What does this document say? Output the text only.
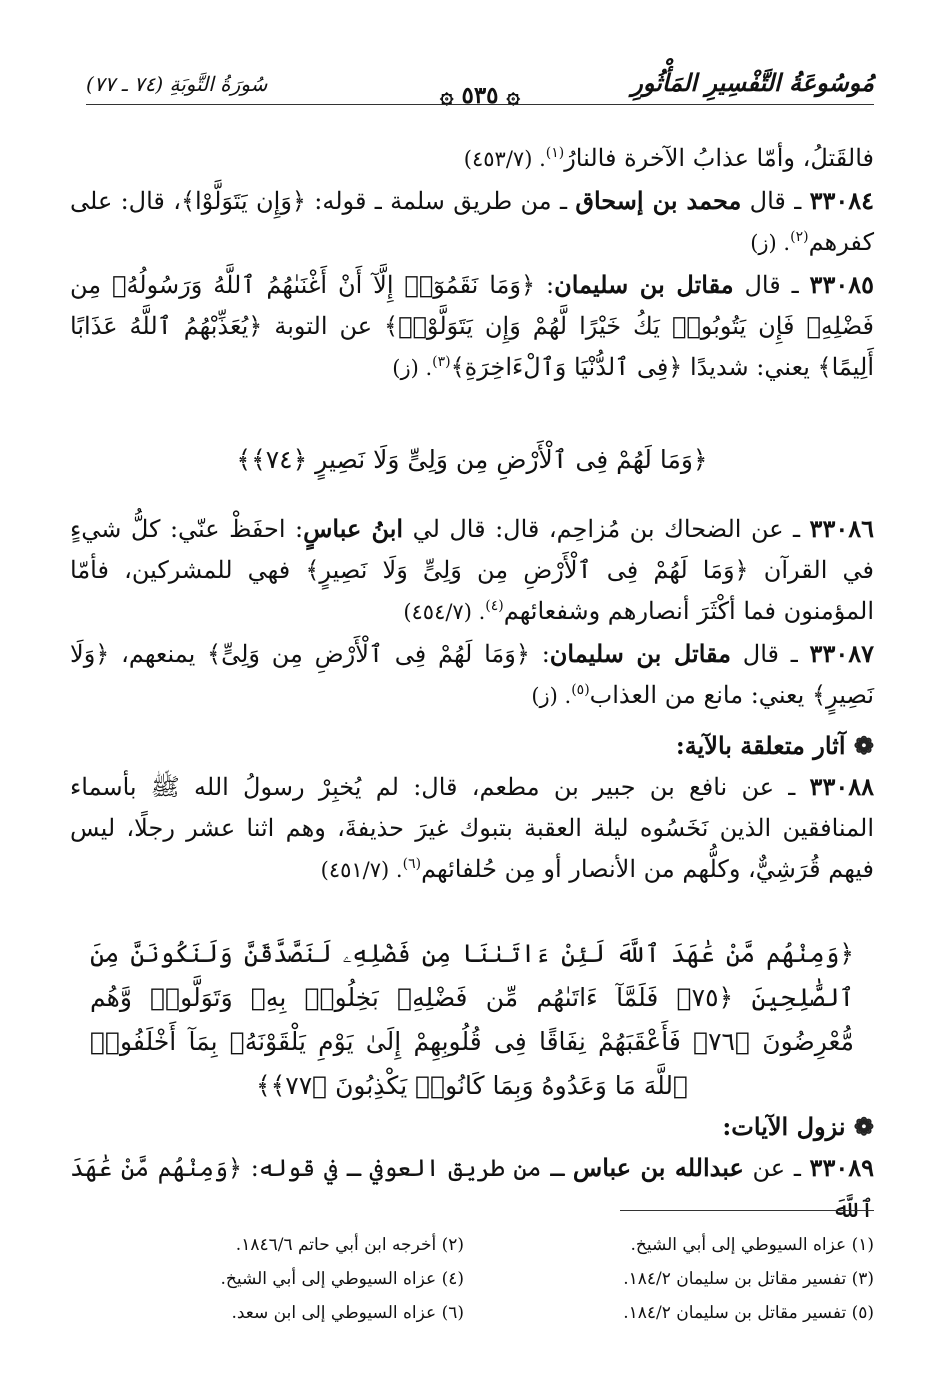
مُوسُوعَةُ التَّفْسِيرِ المَأْثُورِ
۞ ٥٣٥ ۞
سُورَةُ التَّوبَةِ (٧٤ ـ ٧٧)

فالقَتلُ، وأمّا عذابُ الآخرة فالنارُ$^{(١)}$. (٤٥٣/٧)

٣٣٠٨٤ ـ قال محمد بن إسحاق ـ من طريق سلمة ـ قوله: ﴿وَإِن يَتَوَلَّوْا﴾، قال: على كفرهم$^{(٢)}$. (ز)

٣٣٠٨٥ ـ قال مقاتل بن سليمان: ﴿وَمَا نَقَمُوٓا۟ إِلَّآ أَنْ أَغْنَىٰهُمُ ٱللَّهُ وَرَسُولُهُۥ مِن فَضْلِهِۦ فَإِن يَتُوبُوا۟ يَكُ خَيْرًا لَّهُمْ وَإِن يَتَوَلَّوْا۟﴾ عن التوبة ﴿يُعَذِّبْهُمُ ٱللَّهُ عَذَابًا أَلِيمًا﴾ يعني: شديدًا ﴿فِى ٱلدُّنْيَا وَٱلْءَاخِرَةِ﴾$^{(٣)}$. (ز)

﴿وَمَا لَهُمْ فِى ٱلْأَرْضِ مِن وَلِىٍّ وَلَا نَصِيرٍ ﴿٧٤﴾﴾

٣٣٠٨٦ ـ عن الضحاك بن مُزاحِم، قال: قال لي ابنُ عباسٍ: احفَظْ عنّي: كلُّ شيءٍ في القرآن ﴿وَمَا لَهُمْ فِى ٱلْأَرْضِ مِن وَلِىٍّ وَلَا نَصِيرٍ﴾ فهي للمشركين، فأمّا المؤمنون فما أكْثَرَ أنصارهم وشفعائهم$^{(٤)}$. (٤٥٤/٧)

٣٣٠٨٧ ـ قال مقاتل بن سليمان: ﴿وَمَا لَهُمْ فِى ٱلْأَرْضِ مِن وَلِىٍّ﴾ يمنعهم، ﴿وَلَا نَصِيرٍ﴾ يعني: مانع من العذاب$^{(٥)}$. (ز)

❁ آثار متعلقة بالآية:

٣٣٠٨٨ ـ عن نافع بن جبير بن مطعم، قال: لم يُخبِرْ رسولُ الله ﷺ بأسماء المنافقين الذين نَخَسُوه ليلة العقبة بتبوك غيرَ حذيفةَ، وهم اثنا عشر رجلًا، ليس فيهم قُرَشِيٌّ، وكلُّهم من الأنصار أو مِن حُلفائهم$^{(٦)}$. (٤٥١/٧)

﴿وَمِنْهُم مَّنْ عَٰهَدَ ٱللَّهَ لَئِنْ ءَاتَىٰنَا مِن فَضْلِهِۦ لَنَصَّدَّقَنَّ وَلَنَكُونَنَّ مِنَ ٱلصَّٰلِحِينَ ﴿٧٥﴾ فَلَمَّآ ءَاتَىٰهُم مِّن فَضْلِهِۦ بَخِلُوا۟ بِهِۦ وَتَوَلَّوا۟ وَّهُم مُّعْرِضُونَ ﴿٧٦﴾ فَأَعْقَبَهُمْ نِفَاقًا فِى قُلُوبِهِمْ إِلَىٰ يَوْمِ يَلْقَوْنَهُۥ بِمَآ أَخْلَفُوا۟ ٱللَّهَ مَا وَعَدُوهُ وَبِمَا كَانُوا۟ يَكْذِبُونَ ﴿٧٧﴾﴾

❁ نزول الآيات:

٣٣٠٨٩ ـ عن عبدالله بن عباس ـ من طريق العوفي ـ في قوله: ﴿وَمِنْهُم مَّنْ عَٰهَدَ ٱللَّهَ

(١) عزاه السيوطي إلى أبي الشيخ.
(٣) تفسير مقاتل بن سليمان ١٨٤/٢.
(٥) تفسير مقاتل بن سليمان ١٨٤/٢.
(٢) أخرجه ابن أبي حاتم ١٨٤٦/٦.
(٤) عزاه السيوطي إلى أبي الشيخ.
(٦) عزاه السيوطي إلى ابن سعد.
